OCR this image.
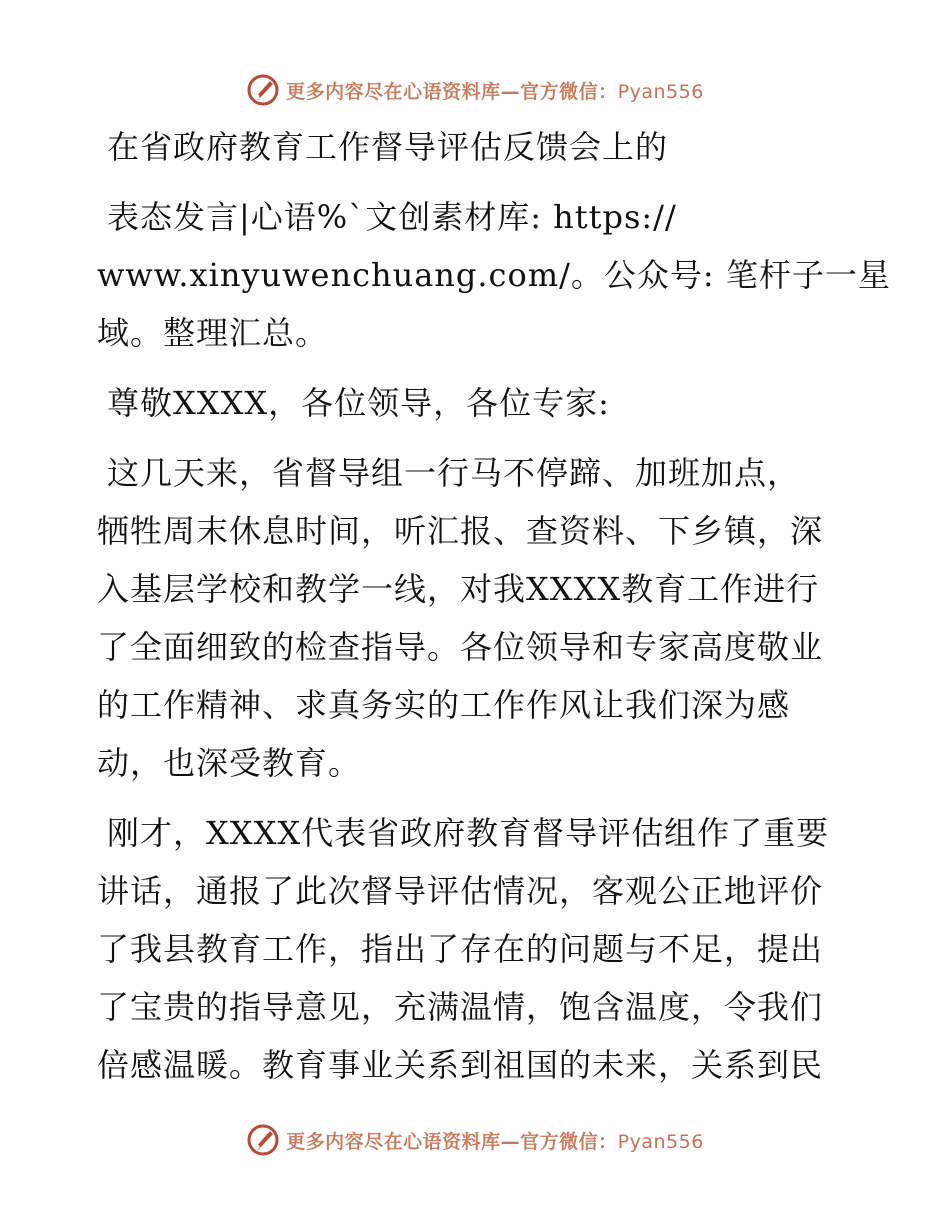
更多内容尽在心语资料库—官方微信：Pyan556
在省政府教育工作督导评估反馈会上的
表态发言|心语%`文创素材库: https://
www.xinyuwenchuang.com/。公众号: 笔杆子一星
域。整理汇总。
尊敬XXXX，各位领导，各位专家:
这几天来，省督导组一行马不停蹄、加班加点，
牺牲周末休息时间，听汇报、查资料、下乡镇，深
入基层学校和教学一线，对我XXXX教育工作进行
了全面细致的检查指导。各位领导和专家高度敬业
的工作精神、求真务实的工作作风让我们深为感
动，也深受教育。
刚才，XXXX代表省政府教育督导评估组作了重要
讲话，通报了此次督导评估情况，客观公正地评价
了我县教育工作，指出了存在的问题与不足，提出
了宝贵的指导意见，充满温情，饱含温度，令我们
倍感温暖。教育事业关系到祖国的未来，关系到民
更多内容尽在心语资料库—官方微信：Pyan556
